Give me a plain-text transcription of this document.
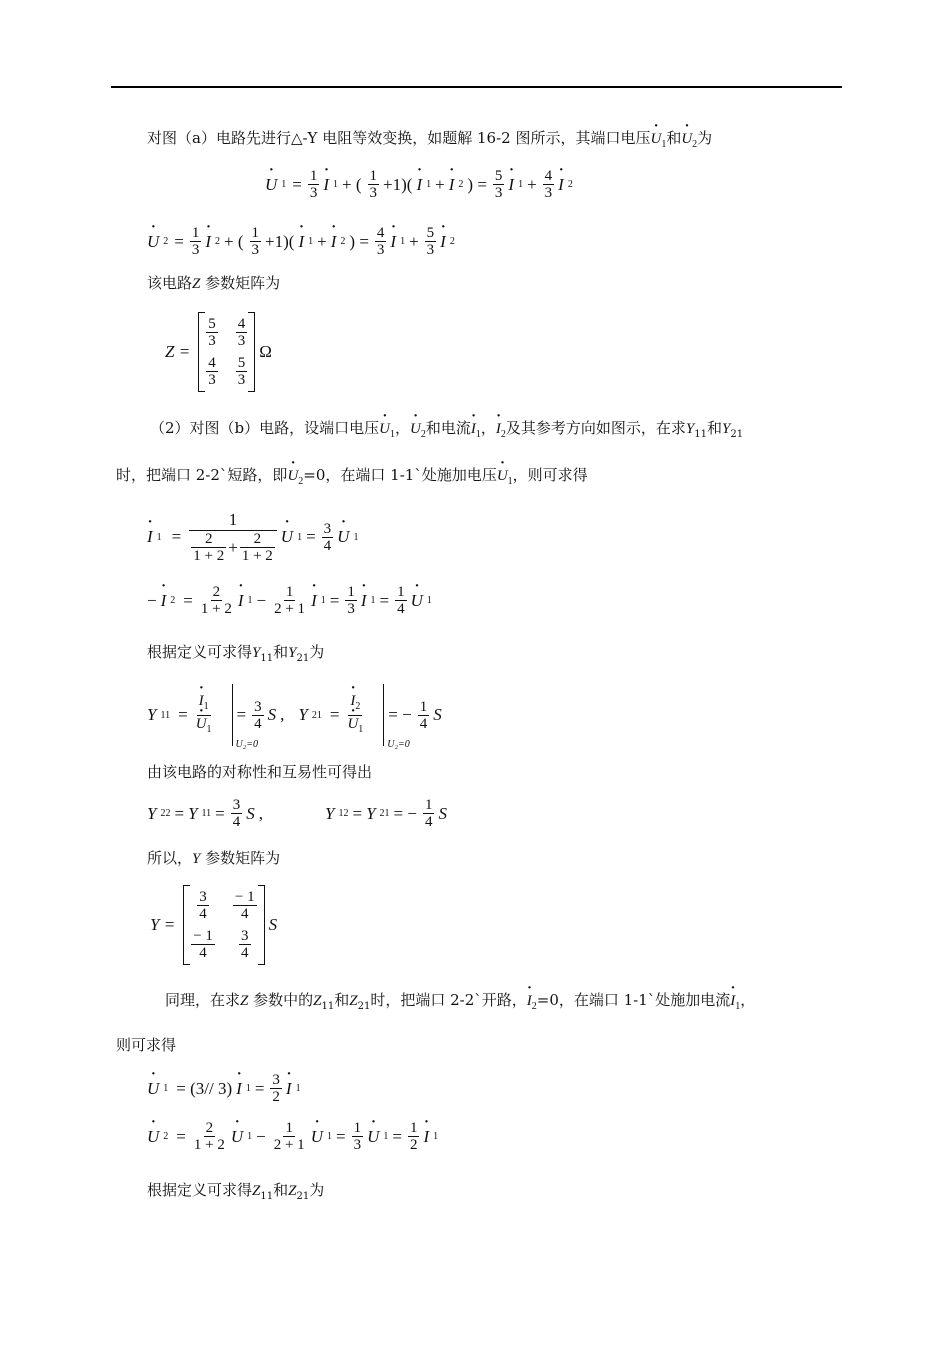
对图（a）电路先进行△-Y 电阻等效变换，如题解 16-2 图所示，其端口电压· $U_1$和· $U_2$为
· U $1 = \frac{1}{3}$
· I 1 + ( $\frac{1}{3} +1$)(
· I 1 +
· I 2 ) = $\frac{5}{3}$
· I $1 + \frac{4}{3}$
· I 2
· U $2 = \frac{1}{3}$
· I 2 + ( $\frac{1}{3} +1$)(
· I 1 +
· I 2 ) = $\frac{4}{3}$
· I $1 + \frac{5}{3}$
· I 2
该电路Z 参数矩阵为
Z =
$\frac{5}{3} \frac{4}{3}$
$\frac{4}{3} \frac{5}{3}$
Ω
（2）对图（b）电路，设端口电压· $U_1$，· $U_2$和电流· $I_1$，· $I_2$及其参考方向如图示，在求$Y_{11}$和$Y_{21}$
时，把端口 2-2`短路，即· $U_2=0$，在端口 1-1`处施加电压· $U_1$，则可求得
· I $1 = \frac{1}{\frac{2}{1 + 2} + \frac{2}{1 + 2}}$
· U $1 = \frac{3}{4}$
· U 1
−
· I $2 = \frac{2}{1 + 2}$
· I $1 - \frac{1}{2 + 1}$
· I $1 = \frac{1}{3}$
· I $1 = \frac{1}{4}$
· U 1
根据定义可求得$Y_{11}$和$Y_{21}$为
Y 11 =
· $I_1$
· $U_1$
U₂=0
= $\frac{3}{4}$ S , Y 21 =
· $I_2$
· $U_1$
U₂=0
= − $\frac{1}{4}$ S
由该电路的对称性和互易性可得出
Y 22 = Y $11 = \frac{3}{4}$ S ,	Y 12 = Y 21 = − $\frac{1}{4}$ S
所以，Y 参数矩阵为
Y =
$\frac{3}{4} \frac{- 1}{4}$
$\frac{- 1}{4} \frac{3}{4}$
S
同理，在求Z 参数中的$Z_{11}$和$Z_{21}$时，把端口 2-2`开路，· $I_2=0$，在端口 1-1`处施加电流· $I_1$，
则可求得
· U 1 = (3// 3)
· I $1 = \frac{3}{2}$
· I 1
· U $2 = \frac{2}{1 + 2}$
· U $1 - \frac{1}{2 + 1}$
· U $1 = \frac{1}{3}$
· U $1 = \frac{1}{2}$
· I 1
根据定义可求得$Z_{11}$和$Z_{21}$为
